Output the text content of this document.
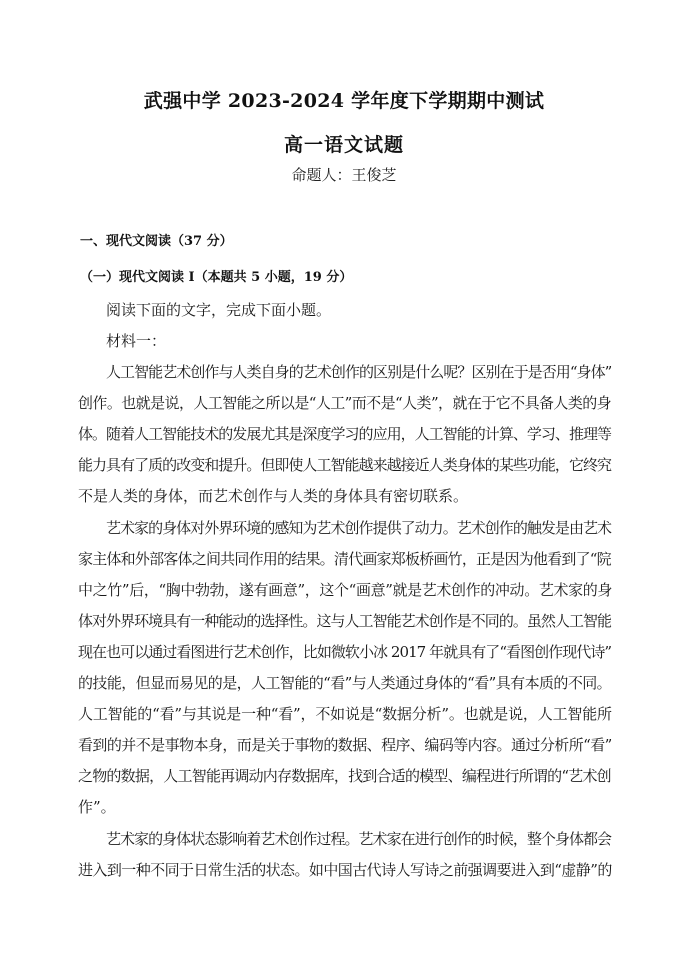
武强中学 2023-2024 学年度下学期期中测试
高一语文试题
命题人：王俊芝
一、现代文阅读（37 分）
（一）现代文阅读 I（本题共 5 小题，19 分）
阅读下面的文字，完成下面小题。
材料一：
人工智能艺术创作与人类自身的艺术创作的区别是什么呢？区别在于是否用“身体”
创作。也就是说，人工智能之所以是“人工”而不是“人类”，就在于它不具备人类的身
体。随着人工智能技术的发展尤其是深度学习的应用，人工智能的计算、学习、推理等
能力具有了质的改变和提升。但即使人工智能越来越接近人类身体的某些功能，它终究
不是人类的身体，而艺术创作与人类的身体具有密切联系。
艺术家的身体对外界环境的感知为艺术创作提供了动力。艺术创作的触发是由艺术
家主体和外部客体之间共同作用的结果。清代画家郑板桥画竹，正是因为他看到了“院
中之竹”后，“胸中勃勃，遂有画意”，这个“画意”就是艺术创作的冲动。艺术家的身
体对外界环境具有一种能动的选择性。这与人工智能艺术创作是不同的。虽然人工智能
现在也可以通过看图进行艺术创作，比如微软小冰 2017 年就具有了“看图创作现代诗”
的技能，但显而易见的是，人工智能的“看”与人类通过身体的“看”具有本质的不同。
人工智能的“看”与其说是一种“看”，不如说是“数据分析”。也就是说，人工智能所
看到的并不是事物本身，而是关于事物的数据、程序、编码等内容。通过分析所“看”
之物的数据，人工智能再调动内存数据库，找到合适的模型、编程进行所谓的“艺术创
作”。
艺术家的身体状态影响着艺术创作过程。艺术家在进行创作的时候，整个身体都会
进入到一种不同于日常生活的状态。如中国古代诗人写诗之前强调要进入到“虚静”的
